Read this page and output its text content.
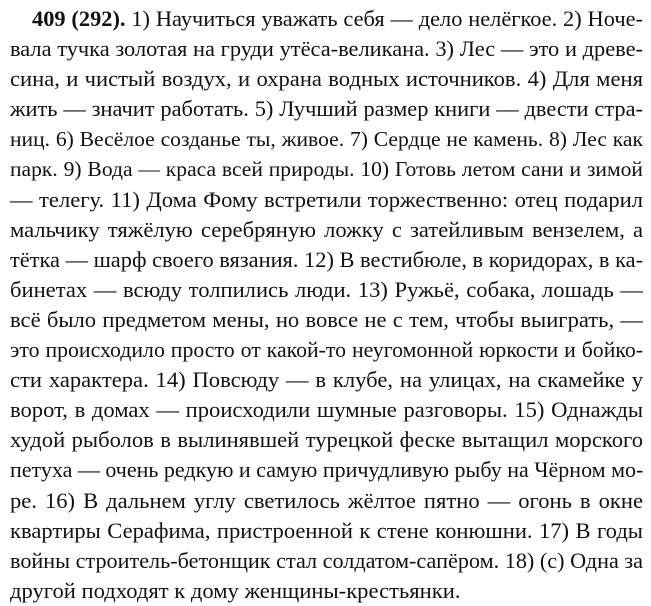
409 (292). 1) Научиться уважать себя — дело нелёгкое. 2) Ноче-
вала тучка золотая на груди утёса-великана. 3) Лес — это и древе-
сина, и чистый воздух, и охрана водных источников. 4) Для меня
жить — значит работать. 5) Лучший размер книги — двести стра-
ниц. 6) Весёлое созданье ты, живое. 7) Сердце не камень. 8) Лес как
парк. 9) Вода — краса всей природы. 10) Готовь летом сани и зимой
— телегу. 11) Дома Фому встретили торжественно: отец подарил
мальчику тяжёлую серебряную ложку с затейливым вензелем, а
тётка — шарф своего вязания. 12) В вестибюле, в коридорах, в ка-
бинетах — всюду толпились люди. 13) Ружьё, собака, лошадь —
всё было предметом мены, но вовсе не с тем, чтобы выиграть, —
это происходило просто от какой-то неугомонной юркости и бойко-
сти характера. 14) Повсюду — в клубе, на улицах, на скамейке у
ворот, в домах — происходили шумные разговоры. 15) Однажды
худой рыболов в вылинявшей турецкой феске вытащил морского
петуха — очень редкую и самую причудливую рыбу на Чёрном мо-
ре. 16) В дальнем углу светилось жёлтое пятно — огонь в окне
квартиры Серафима, пристроенной к стене конюшни. 17) В годы
войны строитель-бетонщик стал солдатом-сапёром. 18) (с) Одна за
другой подходят к дому женщины-крестьянки.
